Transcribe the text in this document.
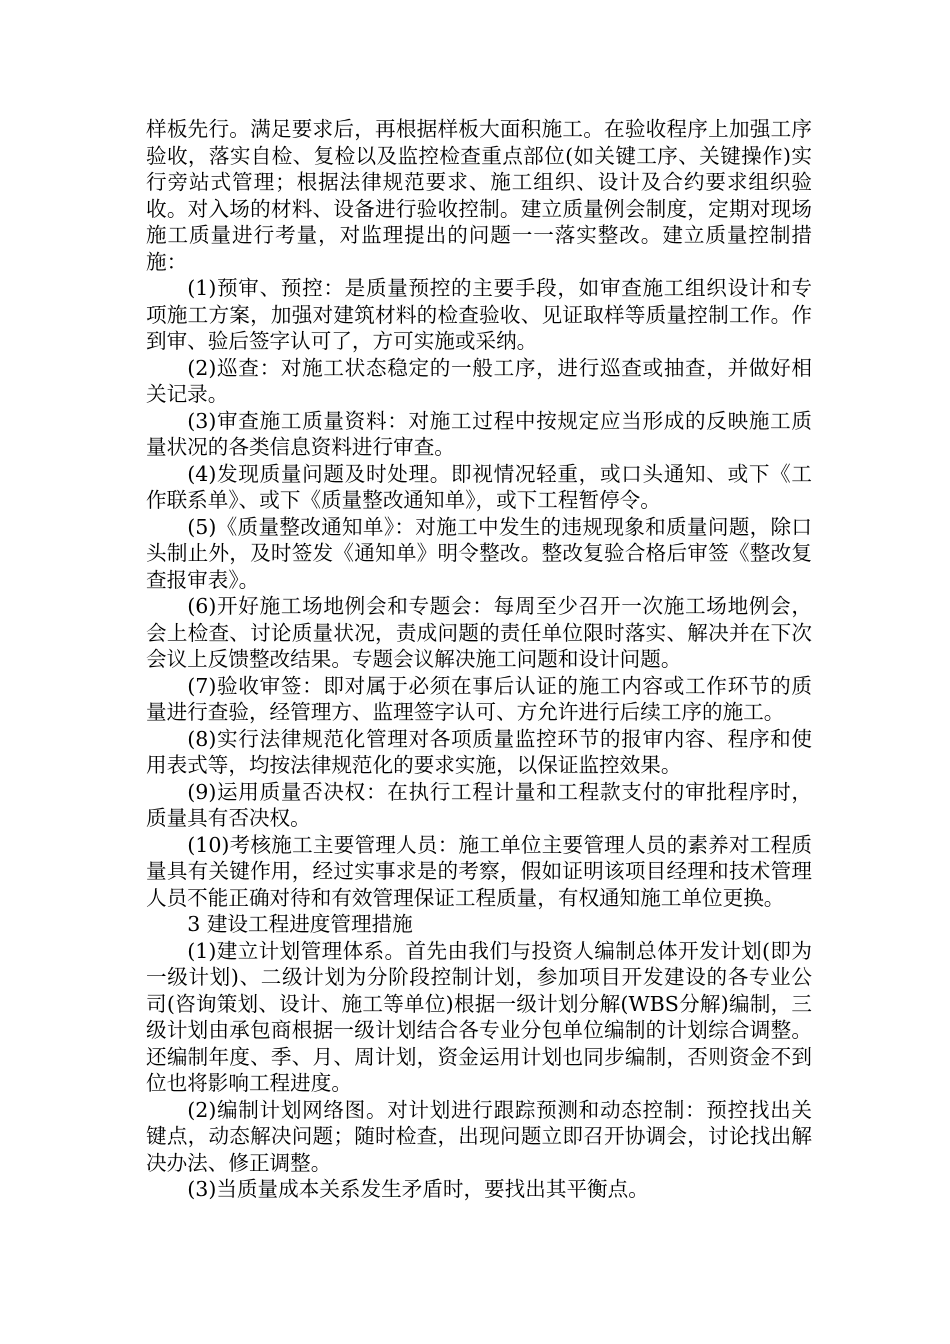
样板先行。满足要求后，再根据样板大面积施工。在验收程序上加强工序验收，落实自检、复检以及监控检查重点部位(如关键工序、关键操作)实行旁站式管理；根据法律规范要求、施工组织、设计及合约要求组织验收。对入场的材料、设备进行验收控制。建立质量例会制度，定期对现场施工质量进行考量，对监理提出的问题一一落实整改。建立质量控制措施：

(1)预审、预控：是质量预控的主要手段，如审查施工组织设计和专项施工方案，加强对建筑材料的检查验收、见证取样等质量控制工作。作到审、验后签字认可了，方可实施或采纳。

(2)巡查：对施工状态稳定的一般工序，进行巡查或抽查，并做好相关记录。

(3)审查施工质量资料：对施工过程中按规定应当形成的反映施工质量状况的各类信息资料进行审查。

(4)发现质量问题及时处理。即视情况轻重，或口头通知、或下《工作联系单》、或下《质量整改通知单》，或下工程暂停令。

(5)《质量整改通知单》：对施工中发生的违规现象和质量问题，除口头制止外，及时签发《通知单》明令整改。整改复验合格后审签《整改复查报审表》。

(6)开好施工场地例会和专题会：每周至少召开一次施工场地例会，会上检查、讨论质量状况，责成问题的责任单位限时落实、解决并在下次会议上反馈整改结果。专题会议解决施工问题和设计问题。

(7)验收审签：即对属于必须在事后认证的施工内容或工作环节的质量进行查验，经管理方、监理签字认可、方允许进行后续工序的施工。

(8)实行法律规范化管理对各项质量监控环节的报审内容、程序和使用表式等，均按法律规范化的要求实施，以保证监控效果。

(9)运用质量否决权：在执行工程计量和工程款支付的审批程序时，质量具有否决权。

(10)考核施工主要管理人员：施工单位主要管理人员的素养对工程质量具有关键作用，经过实事求是的考察，假如证明该项目经理和技术管理人员不能正确对待和有效管理保证工程质量，有权通知施工单位更换。

3 建设工程进度管理措施

(1)建立计划管理体系。首先由我们与投资人编制总体开发计划(即为一级计划)、二级计划为分阶段控制计划，参加项目开发建设的各专业公司(咨询策划、设计、施工等单位)根据一级计划分解(WBS分解)编制，三级计划由承包商根据一级计划结合各专业分包单位编制的计划综合调整。还编制年度、季、月、周计划，资金运用计划也同步编制，否则资金不到位也将影响工程进度。

(2)编制计划网络图。对计划进行跟踪预测和动态控制：预控找出关键点，动态解决问题；随时检查，出现问题立即召开协调会，讨论找出解决办法、修正调整。

(3)当质量成本关系发生矛盾时，要找出其平衡点。
